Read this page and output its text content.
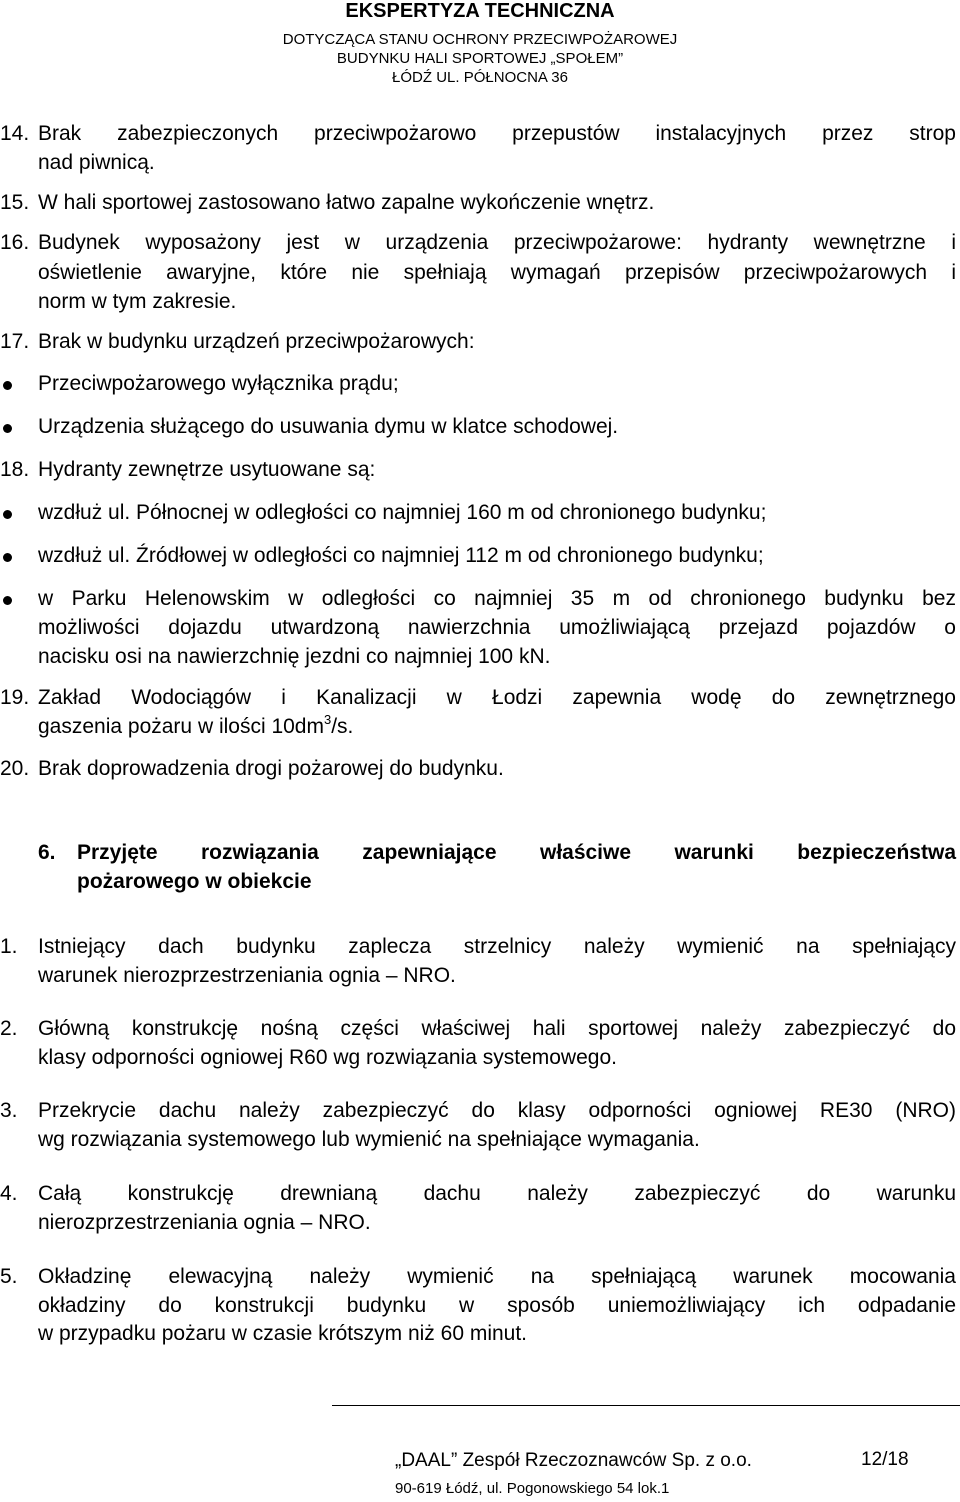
EKSPERTYZA TECHNICZNA
DOTYCZĄCA STANU OCHRONY PRZECIWPOŻAROWEJ
BUDYNKU HALI SPORTOWEJ „SPOŁEM”
ŁÓDŹ UL. PÓŁNOCNA 36
14. Brak zabezpieczonych przeciwpożarowo przepustów instalacyjnych przez strop
nad piwnicą.
15. W hali sportowej zastosowano łatwo zapalne wykończenie wnętrz.
16. Budynek wyposażony jest w urządzenia przeciwpożarowe: hydranty wewnętrzne i
oświetlenie awaryjne, które nie spełniają wymagań przepisów przeciwpożarowych i
norm w tym zakresie.
17. Brak w budynku urządzeń przeciwpożarowych:
Przeciwpożarowego wyłącznika prądu;
Urządzenia służącego do usuwania dymu w klatce schodowej.
18. Hydranty zewnętrze usytuowane są:
wzdłuż ul. Północnej w odległości co najmniej 160 m od chronionego budynku;
wzdłuż ul. Źródłowej w odległości co najmniej 112 m od chronionego budynku;
w Parku Helenowskim w odległości co najmniej 35 m od chronionego budynku bez
możliwości dojazdu utwardzoną nawierzchnia umożliwiającą przejazd pojazdów o
nacisku osi na nawierzchnię jezdni co najmniej 100 kN.
19. Zakład Wodociągów i Kanalizacji w Łodzi zapewnia wodę do zewnętrznego
gaszenia pożaru w ilości $10dm^3/s$.
20. Brak doprowadzenia drogi pożarowej do budynku.
6. Przyjęte rozwiązania zapewniające właściwe warunki bezpieczeństwa
pożarowego w obiekcie
1. Istniejący dach budynku zaplecza strzelnicy należy wymienić na spełniający
warunek nierozprzestrzeniania ognia – NRO.
2. Główną konstrukcję nośną części właściwej hali sportowej należy zabezpieczyć do
klasy odporności ogniowej R60 wg rozwiązania systemowego.
3. Przekrycie dachu należy zabezpieczyć do klasy odporności ogniowej RE30 (NRO)
wg rozwiązania systemowego lub wymienić na spełniające wymagania.
4. Całą konstrukcję drewnianą dachu należy zabezpieczyć do warunku
nierozprzestrzeniania ognia – NRO.
5. Okładzinę elewacyjną należy wymienić na spełniającą warunek mocowania
okładziny do konstrukcji budynku w sposób uniemożliwiający ich odpadanie
w przypadku pożaru w czasie krótszym niż 60 minut.
„DAAL” Zespół Rzeczoznawców Sp. z o.o.	12/18
90-619 Łódź, ul. Pogonowskiego 54 lok.1
